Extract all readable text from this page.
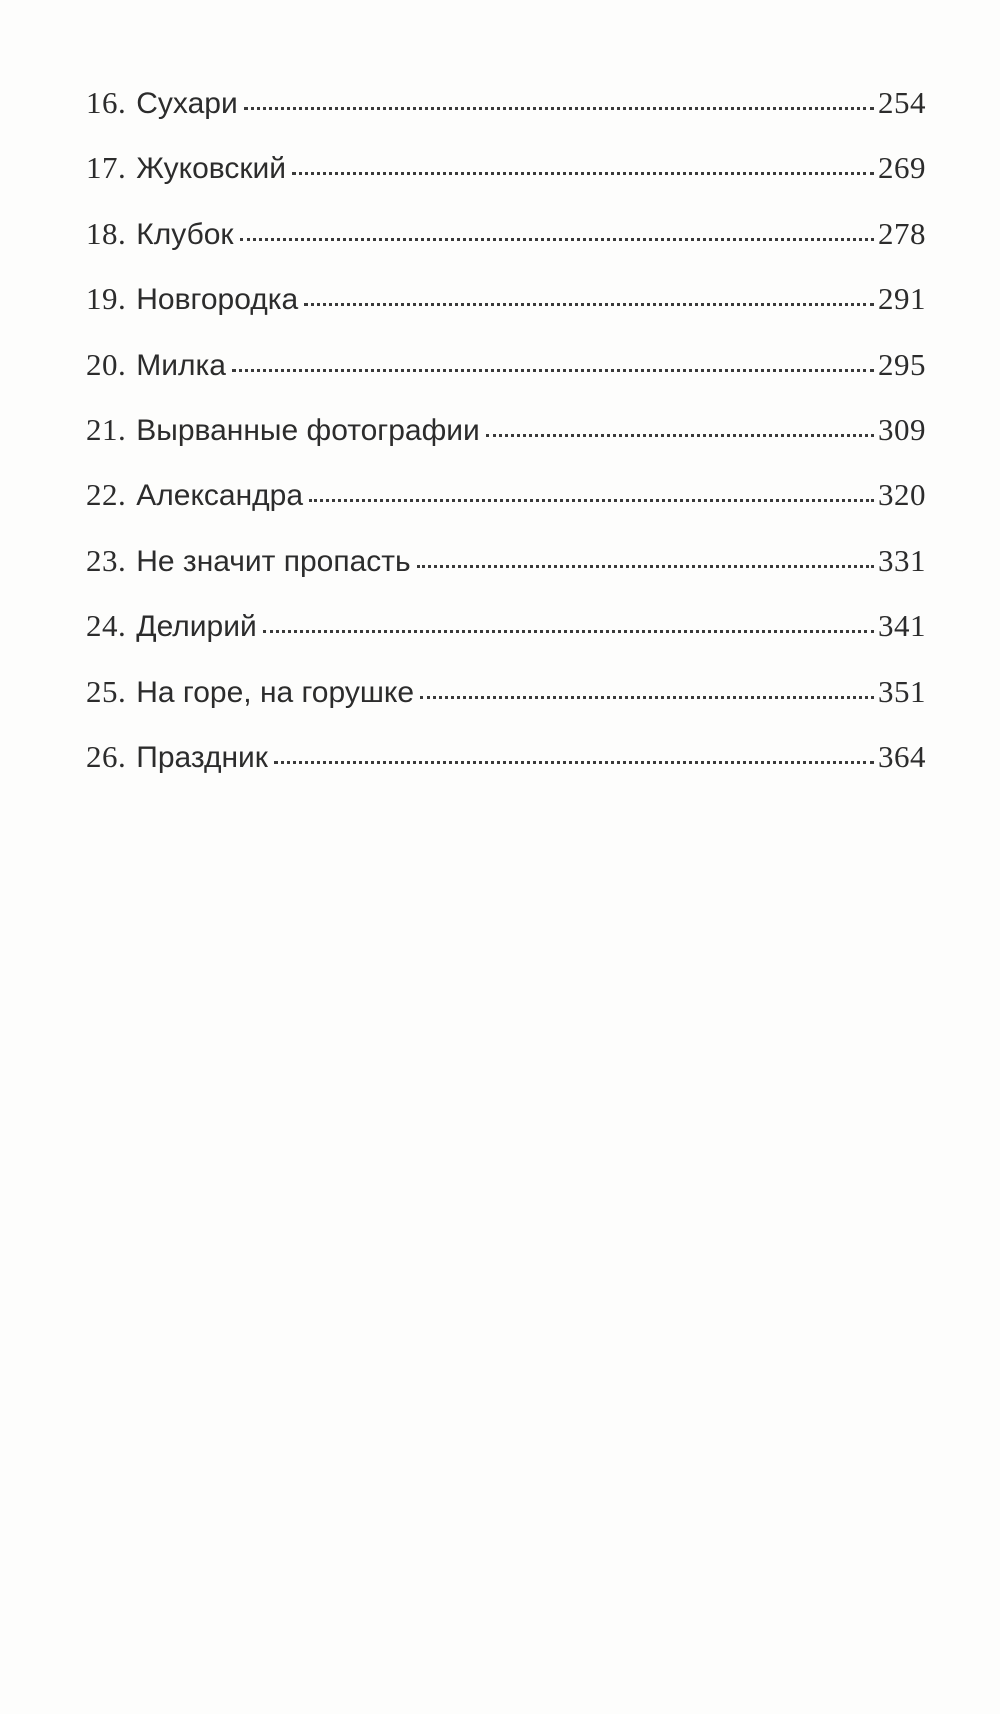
16. Сухари	254
17. Жуковский	269
18. Клубок	278
19. Новгородка	291
20. Милка	295
21. Вырванные фотографии	309
22. Александра	320
23. Не значит пропасть	331
24. Делирий	341
25. На горе, на горушке	351
26. Праздник	364
